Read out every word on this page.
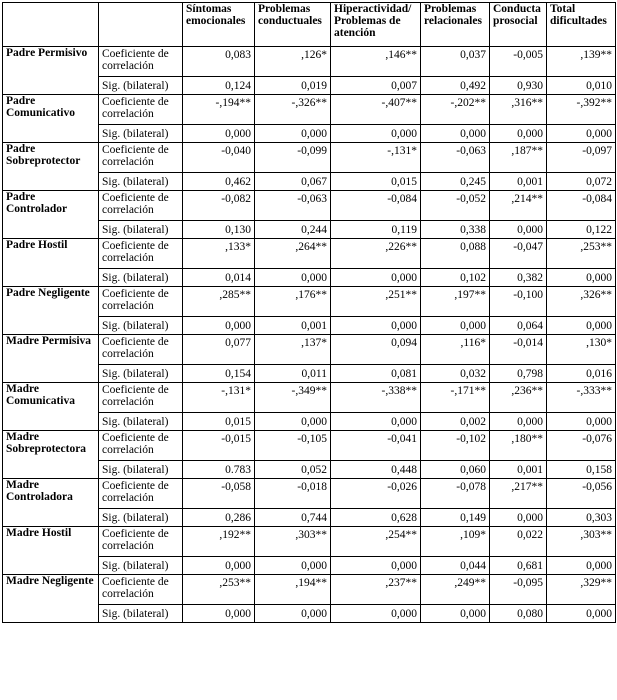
		Síntomas emocionales	Problemas conductuales	Hiperactividad/ Problemas de atención	Problemas relacionales	Conducta prosocial	Total dificultades
Padre Permisivo	Coeficiente de correlación	0,083	,126*	,146**	0,037	-0,005	,139**
	Sig. (bilateral)	0,124	0,019	0,007	0,492	0,930	0,010
Padre Comunicativo	Coeficiente de correlación	-,194**	-,326**	-,407**	-,202**	,316**	-,392**
	Sig. (bilateral)	0,000	0,000	0,000	0,000	0,000	0,000
Padre Sobreprotector	Coeficiente de correlación	-0,040	-0,099	-,131*	-0,063	,187**	-0,097
	Sig. (bilateral)	0,462	0,067	0,015	0,245	0,001	0,072
Padre Controlador	Coeficiente de correlación	-0,082	-0,063	-0,084	-0,052	,214**	-0,084
	Sig. (bilateral)	0,130	0,244	0,119	0,338	0,000	0,122
Padre Hostil	Coeficiente de correlación	,133*	,264**	,226**	0,088	-0,047	,253**
	Sig. (bilateral)	0,014	0,000	0,000	0,102	0,382	0,000
Padre Negligente	Coeficiente de correlación	,285**	,176**	,251**	,197**	-0,100	,326**
	Sig. (bilateral)	0,000	0,001	0,000	0,000	0,064	0,000
Madre Permisiva	Coeficiente de correlación	0,077	,137*	0,094	,116*	-0,014	,130*
	Sig. (bilateral)	0,154	0,011	0,081	0,032	0,798	0,016
Madre Comunicativa	Coeficiente de correlación	-,131*	-,349**	-,338**	-,171**	,236**	-,333**
	Sig. (bilateral)	0,015	0,000	0,000	0,002	0,000	0,000
Madre Sobreprotectora	Coeficiente de correlación	-0,015	-0,105	-0,041	-0,102	,180**	-0,076
	Sig. (bilateral)	0.783	0,052	0,448	0,060	0,001	0,158
Madre Controladora	Coeficiente de correlación	-0,058	-0,018	-0,026	-0,078	,217**	-0,056
	Sig. (bilateral)	0,286	0,744	0,628	0,149	0,000	0,303
Madre Hostil	Coeficiente de correlación	,192**	,303**	,254**	,109*	0,022	,303**
	Sig. (bilateral)	0,000	0,000	0,000	0,044	0,681	0,000
Madre Negligente	Coeficiente de correlación	,253**	,194**	,237**	,249**	-0,095	,329**
	Sig. (bilateral)	0,000	0,000	0,000	0,000	0,080	0,000
